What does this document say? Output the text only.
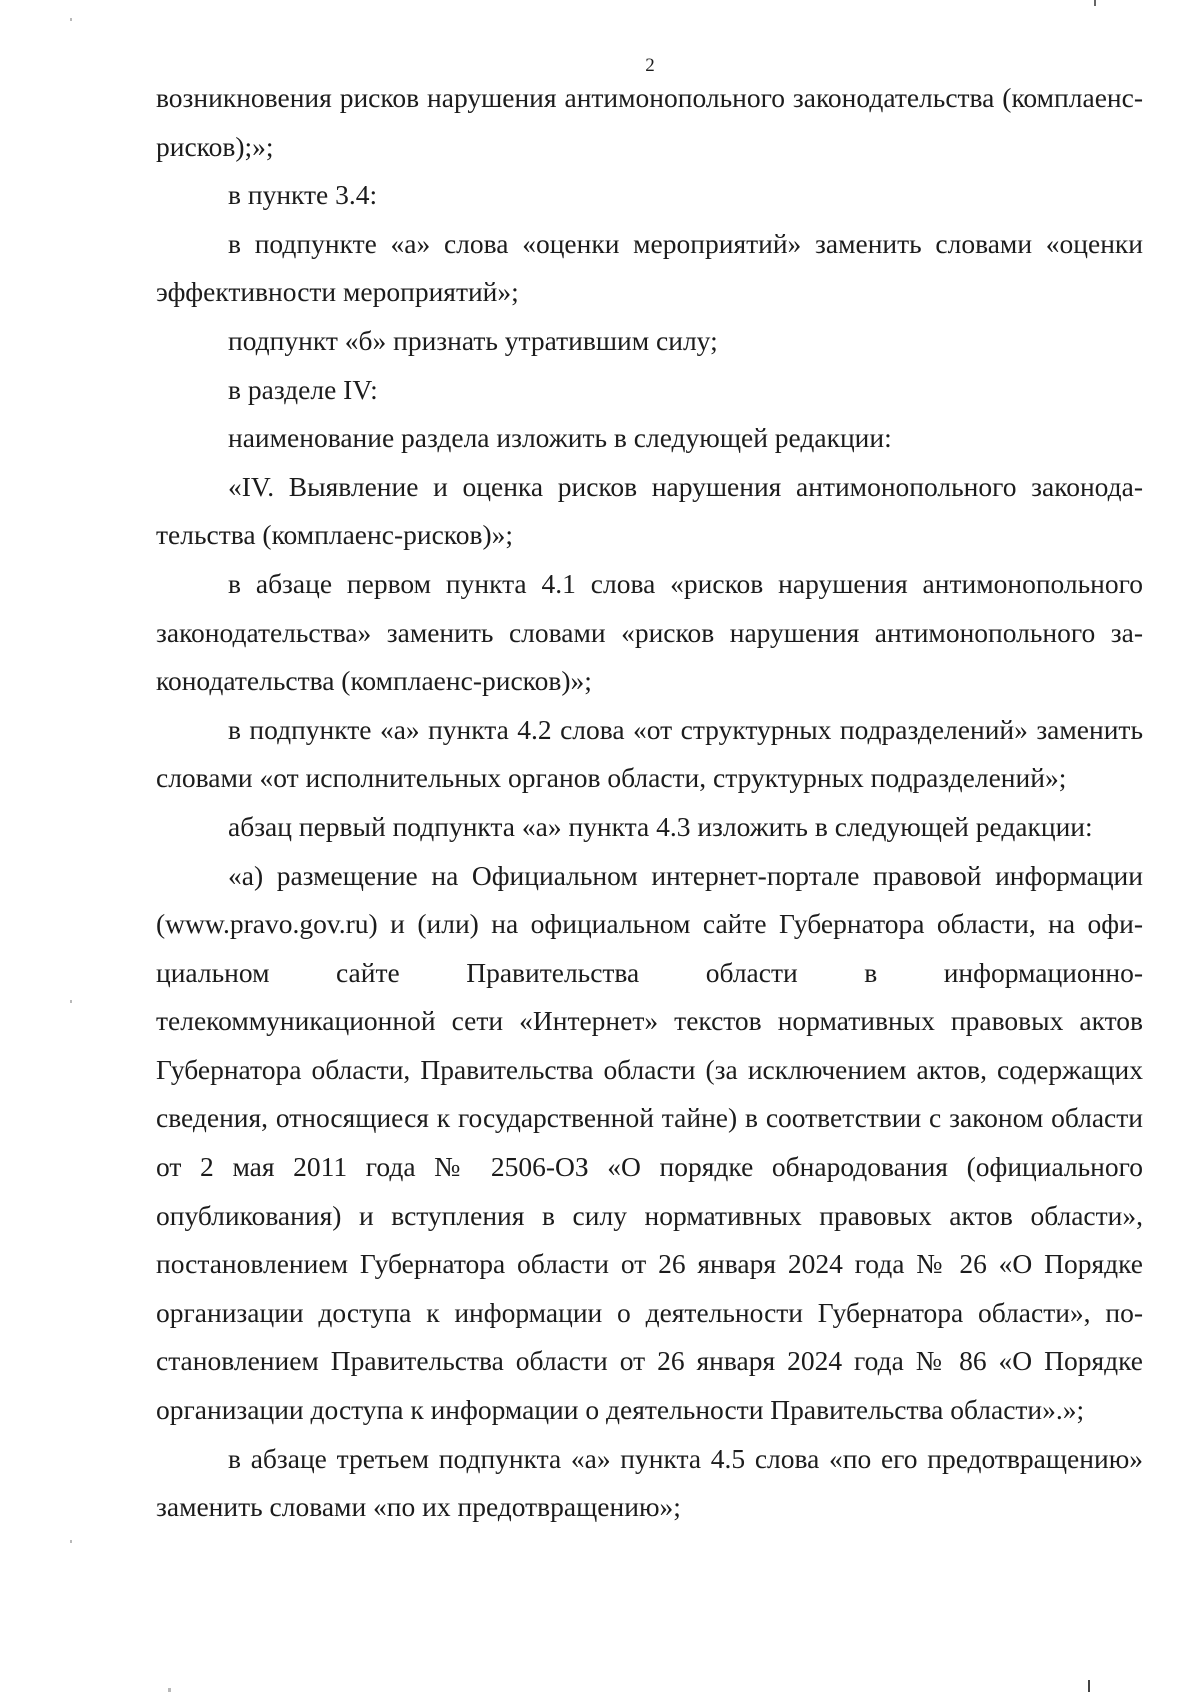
2

возникновения рисков нарушения антимонопольного законодательства (комплаенс-рисков);»;

в пункте 3.4:

в подпункте «а» слова «оценки мероприятий» заменить словами «оценки эффективности мероприятий»;

подпункт «б» признать утратившим силу;

в разделе IV:

наименование раздела изложить в следующей редакции:

«IV. Выявление и оценка рисков нарушения антимонопольного законодательства (комплаенс-рисков)»;

в абзаце первом пункта 4.1 слова «рисков нарушения антимонопольного законодательства» заменить словами «рисков нарушения антимонопольного законодательства (комплаенс-рисков)»;

в подпункте «а» пункта 4.2 слова «от структурных подразделений» заменить словами «от исполнительных органов области, структурных подразделений»;

абзац первый подпункта «а» пункта 4.3 изложить в следующей редакции:

«а) размещение на Официальном интернет-портале правовой информации (www.pravo.gov.ru) и (или) на официальном сайте Губернатора области, на официальном сайте Правительства области в информационно-

телекоммуникационной сети «Интернет» текстов нормативных правовых актов Губернатора области, Правительства области (за исключением актов, содержащих сведения, относящиеся к государственной тайне) в соответствии с законом области от 2 мая 2011 года № 2506-ОЗ «О порядке обнародования (официального опубликования) и вступления в силу нормативных правовых актов области», постановлением Губернатора области от 26 января 2024 года № 26 «О Порядке организации доступа к информации о деятельности Губернатора области», постановлением Правительства области от 26 января 2024 года № 86 «О Порядке организации доступа к информации о деятельности Правительства области».»;

в абзаце третьем подпункта «а» пункта 4.5 слова «по его предотвращению» заменить словами «по их предотвращению»;
